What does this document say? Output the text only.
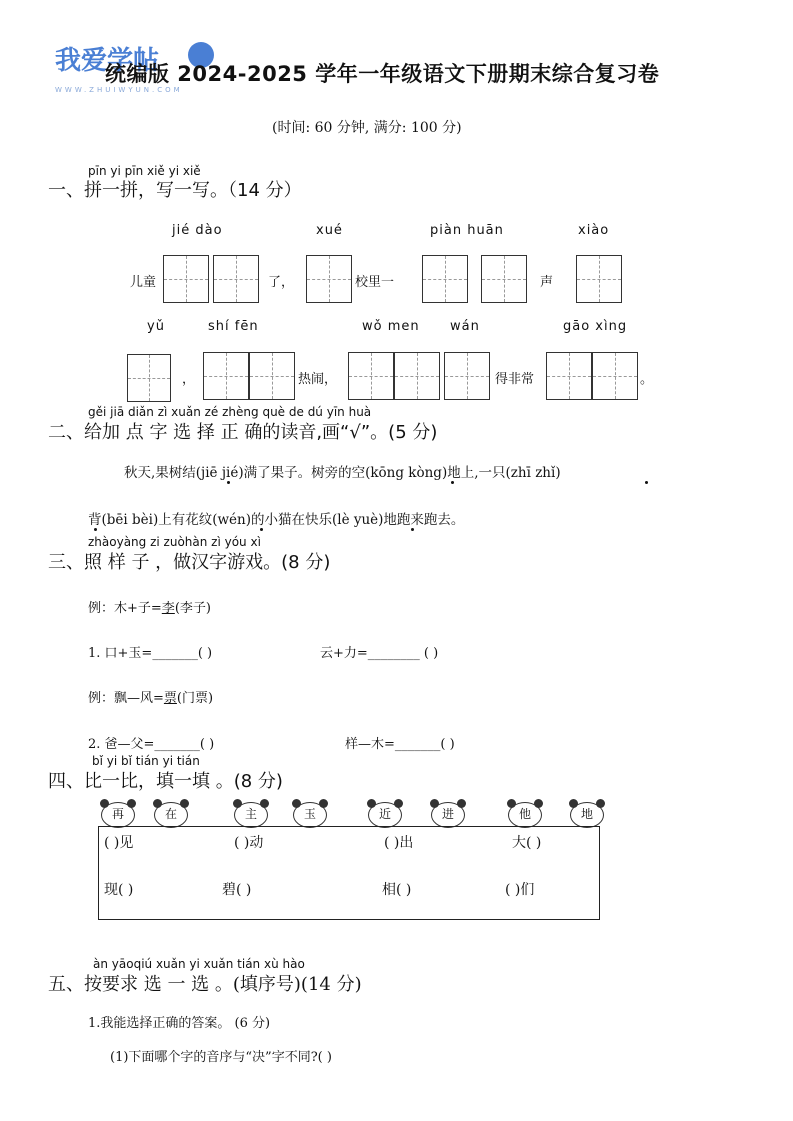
我爱学帖
WWW.ZHUIWYUN.COM
统编版 2024-2025 学年一年级语文下册期末综合复习卷
(时间: 60 分钟, 满分: 100 分)
pīn yi pīn xiě yi xiě
一、拼一拼，写一写。（14 分）
jié dào	xué	piàn huān	xiào
儿童	了，	校里一	声
yǔ	shí fēn	wǒ men wán	gāo xìng
，	热闹，	得非常	。
gěi jiā diǎn zì xuǎn zé zhèng què de dú yīn huà
二、给加 点 字 选 择 正 确的读音,画“√”。(5 分)
秋天,果树结(jiē jié)满了果子。树旁的空(kōng kòng)地上,一只(zhī zhǐ)
背(bēi bèi)上有花纹(wén)的小猫在快乐(lè yuè)地跑来跑去。
zhàoyàng zi zuòhàn zì yóu xì
三、照 样 子 ，做汉字游戏。(8 分)
例：木+子=李(李子)
1. 口+玉=_______( )	云+力=________ ( )
例：飘—风=票(门票)
2. 爸—父=_______( )	样—木=_______( )
bǐ yi bǐ tián yi tián
四、比一比，填一填 。(8 分)
再	在	主	玉	近	进	他	地
( )见	( )动	( )出	大( )
现( )	碧( )	相( )	( )们
àn yāoqiú xuǎn yi xuǎn tián xù hào
五、按要求 选 一 选 。(填序号)(14 分)
1.我能选择正确的答案。 (6 分)
(1)下面哪个字的音序与“决”字不同?( )
